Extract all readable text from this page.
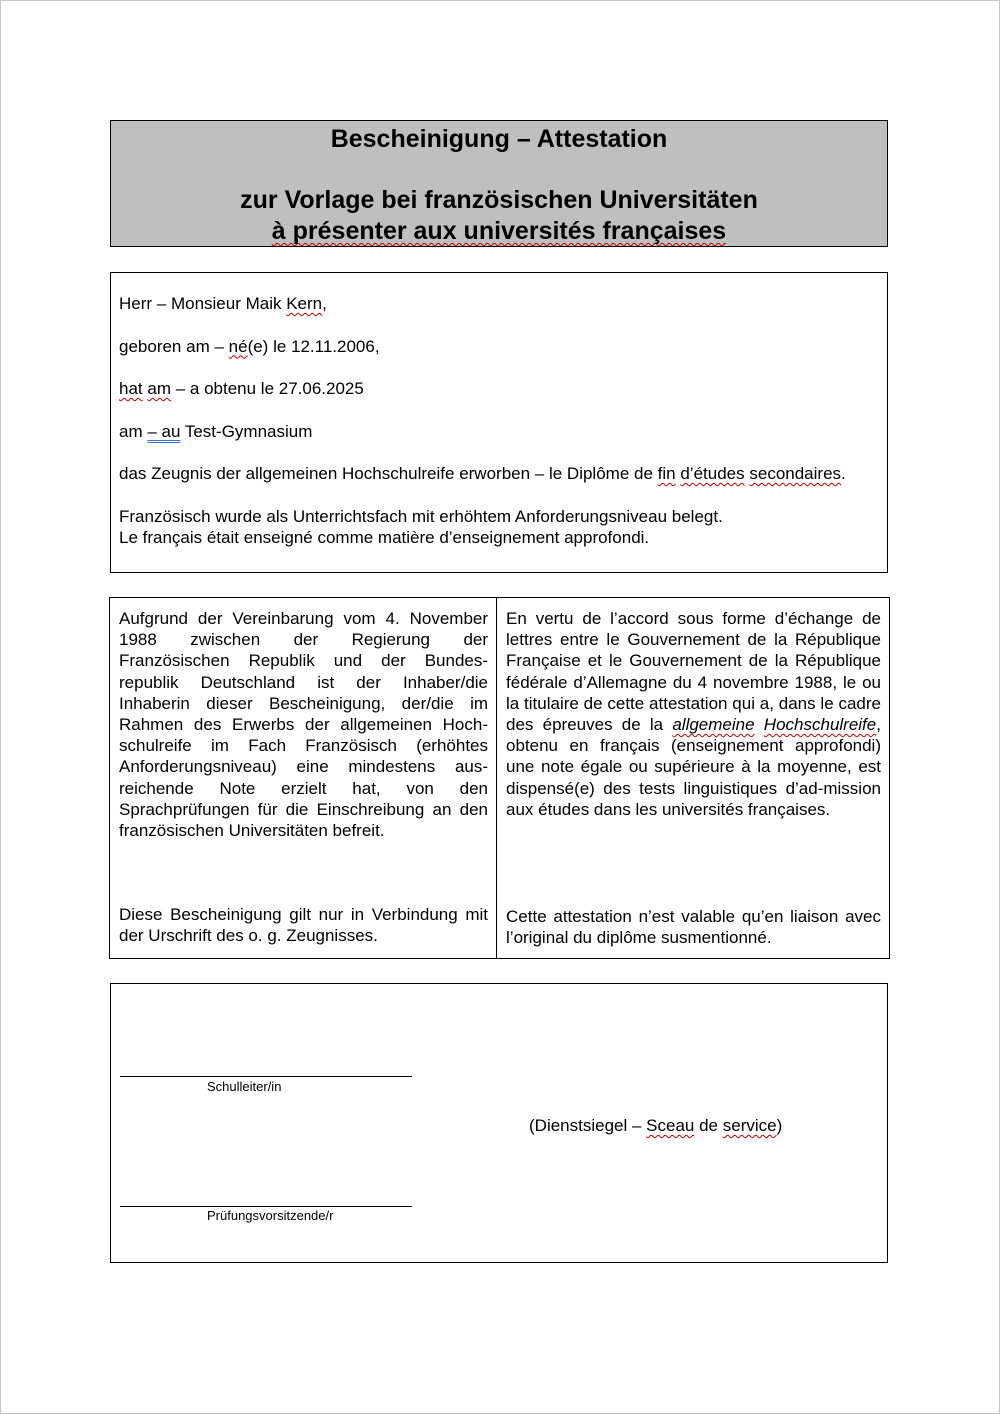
Bescheinigung – Attestation
zur Vorlage bei französischen Universitäten
à présenter aux universités françaises

Herr – Monsieur Maik Kern,

geboren am – né(e) le 12.11.2006,

hat am – a obtenu le 27.06.2025

am – au Test-Gymnasium

das Zeugnis der allgemeinen Hochschulreife erworben – le Diplôme de fin d’études secondaires.

Französisch wurde als Unterrichtsfach mit erhöhtem Anforderungsniveau belegt.
Le français était enseigné comme matière d’enseignement approfondi.

Aufgrund der Vereinbarung vom 4. November 1988 zwischen der Regierung der Französischen Republik und der Bundes-republik Deutschland ist der Inhaber/die Inhaberin dieser Bescheinigung, der/die im Rahmen des Erwerbs der allgemeinen Hoch-schulreife im Fach Französisch (erhöhtes Anforderungsniveau) eine mindestens aus-reichende Note erzielt hat, von den Sprachprüfungen für die Einschreibung an den französischen Universitäten befreit.
Diese Bescheinigung gilt nur in Verbindung mit der Urschrift des o. g. Zeugnisses.
En vertu de l’accord sous forme d’échange de lettres entre le Gouvernement de la République Française et le Gouvernement de la République fédérale d’Allemagne du 4 novembre 1988, le ou la titulaire de cette attestation qui a, dans le cadre des épreuves de la allgemeine Hochschulreife, obtenu en français (enseignement approfondi) une note égale ou supérieure à la moyenne, est dispensé(e) des tests linguistiques d’ad-mission aux études dans les universités françaises.
Cette attestation n’est valable qu’en liaison avec l’original du diplôme susmentionné.
Schulleiter/in
(Dienstsiegel – Sceau de service)
Prüfungsvorsitzende/r
